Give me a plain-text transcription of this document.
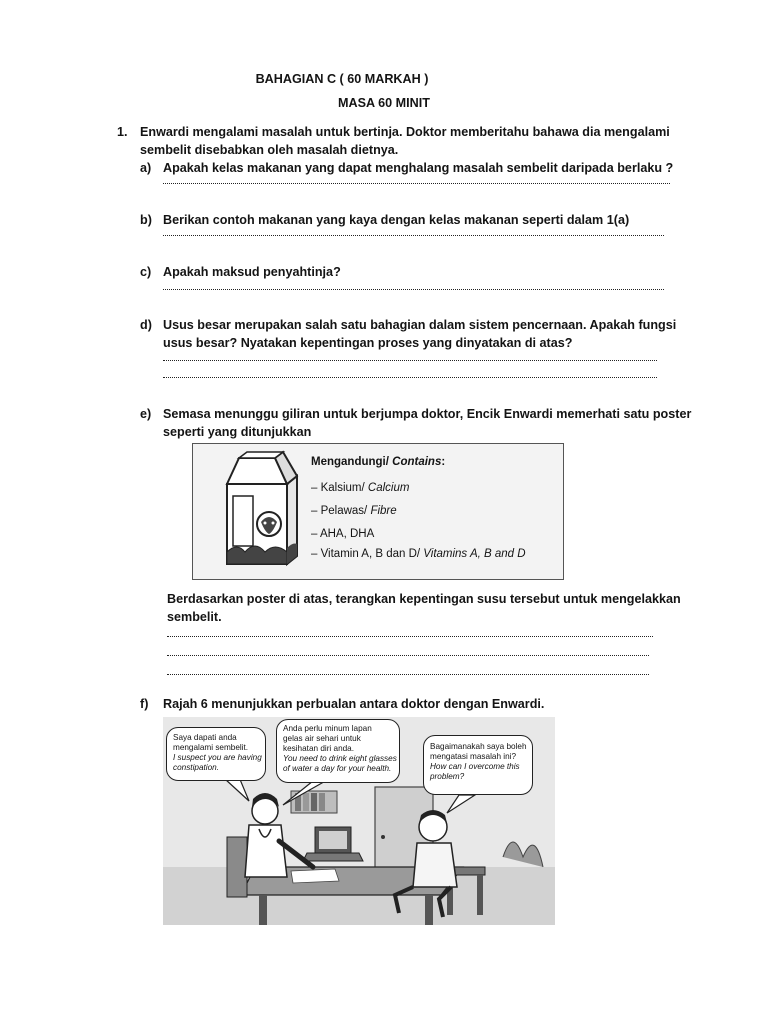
BAHAGIAN C ( 60 MARKAH )
MASA 60 MINIT
1. Enwardi mengalami masalah untuk bertinja. Doktor memberitahu bahawa dia mengalami
sembelit disebabkan oleh masalah dietnya.
a) Apakah kelas makanan yang dapat menghalang masalah sembelit daripada berlaku ?
b) Berikan contoh makanan yang kaya dengan kelas makanan seperti dalam 1(a)
c) Apakah maksud penyahtinja?
d) Usus besar merupakan salah satu bahagian dalam sistem pencernaan. Apakah fungsi
usus besar? Nyatakan kepentingan proses yang dinyatakan di atas?
e) Semasa menunggu giliran untuk berjumpa doktor, Encik Enwardi memerhati satu poster
seperti yang ditunjukkan
Mengandungi/ Contains:
– Kalsium/ Calcium
– Pelawas/ Fibre
– AHA, DHA
– Vitamin A, B dan D/ Vitamins A, B and D
Berdasarkan poster di atas, terangkan kepentingan susu tersebut untuk mengelakkan
sembelit.
f) Rajah 6 menunjukkan perbualan antara doktor dengan Enwardi.
Saya dapati anda
mengalami sembelit.
I suspect you are having
constipation.
Anda perlu minum lapan
gelas air sehari untuk
kesihatan diri anda.
You need to drink eight glasses
of water a day for your health.
Bagaimanakah saya boleh
mengatasi masalah ini?
How can I overcome this
problem?
